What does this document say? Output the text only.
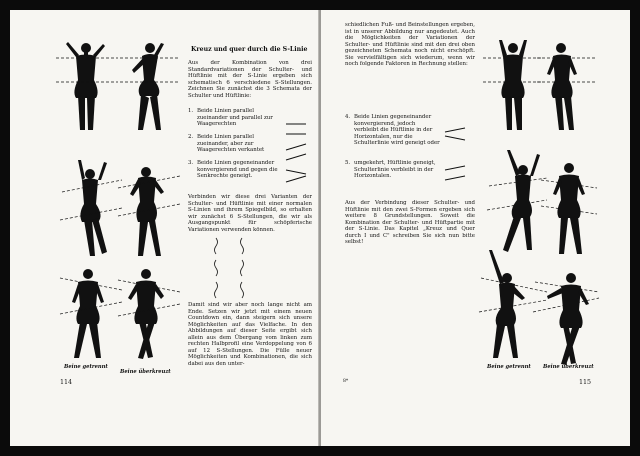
Kreuz und quer durch die S-Linie

Aus der Kombination von drei Standardvariationen der Schulter- und Hüftlinie mit der S-Linie ergeben sich schematisch 6 verschiedene S-Stellungen. Zeichnen Sie zunächst die 3 Schemata der Schulter und Hüftlinie:

1. Beide Linien parallel zueinander und parallel zur Waagerechten
2. Beide Linien parallel zueinander, aber zur Waagerechten verkantet
3. Beide Linien gegeneinander konvergierend und gegen die Senkrechte geneigt.

Verbinden wir diese drei Varianten der Schulter- und Hüftlinie mit einer normalen S-Linien und ihrem Spiegelbild, so erhalten wir zunächst 6 S-Stellungen, die wir als Ausgangspunkt für schöpferische Variationen verwenden können.

Damit sind wir aber noch lange nicht am Ende. Setzen wir jetzt mit einem neuen Countdown ein, dann steigern sich unsere Möglichkeiten auf das Vielfache. In den Abbildungen auf dieser Seite ergibt sich allein aus dem Übergang vom linken zum rechten Halbprofil eine Verdoppelung von 6 auf 12 S-Stellungen. Die Fülle neuer Möglichkeiten und Kombinationen, die sich dabei aus den unter-

Beine getrennt
Beine überkreuzt
114

schiedlichen Fuß- und Beinstellungen ergeben, ist in unserer Abbildung nur angedeutet. Auch die Möglichkeiten der Variationen der Schulter- und Hüftlinie sind mit den drei oben gezeichneten Schemata noch nicht erschöpft. Sie vervielfältigen sich wiederum, wenn wir noch folgende Faktoren in Rechnung stellen:

4. Beide Linien gegeneinander konvergierend, jedoch verbleibt die Hüftlinie in der Horizontalen, nur die Schulterlinie wird geneigt oder
5. umgekehrt, Hüftlinie geneigt, Schulterlinie verbleibt in der Horizontalen.

Aus der Verbindung dieser Schulter- und Hüftlinie mit den zwei S-Formen ergeben sich weitere 8 Grundstellungen. Soweit die Kombination der Schulter- und Hüftpartie mit der S-Linie. Das Kapitel „Kreuz und Quer durch I und C" schreiben Sie sich nun bitte selbst!

Beine getrennt Beine überkreuzt
8*	115
